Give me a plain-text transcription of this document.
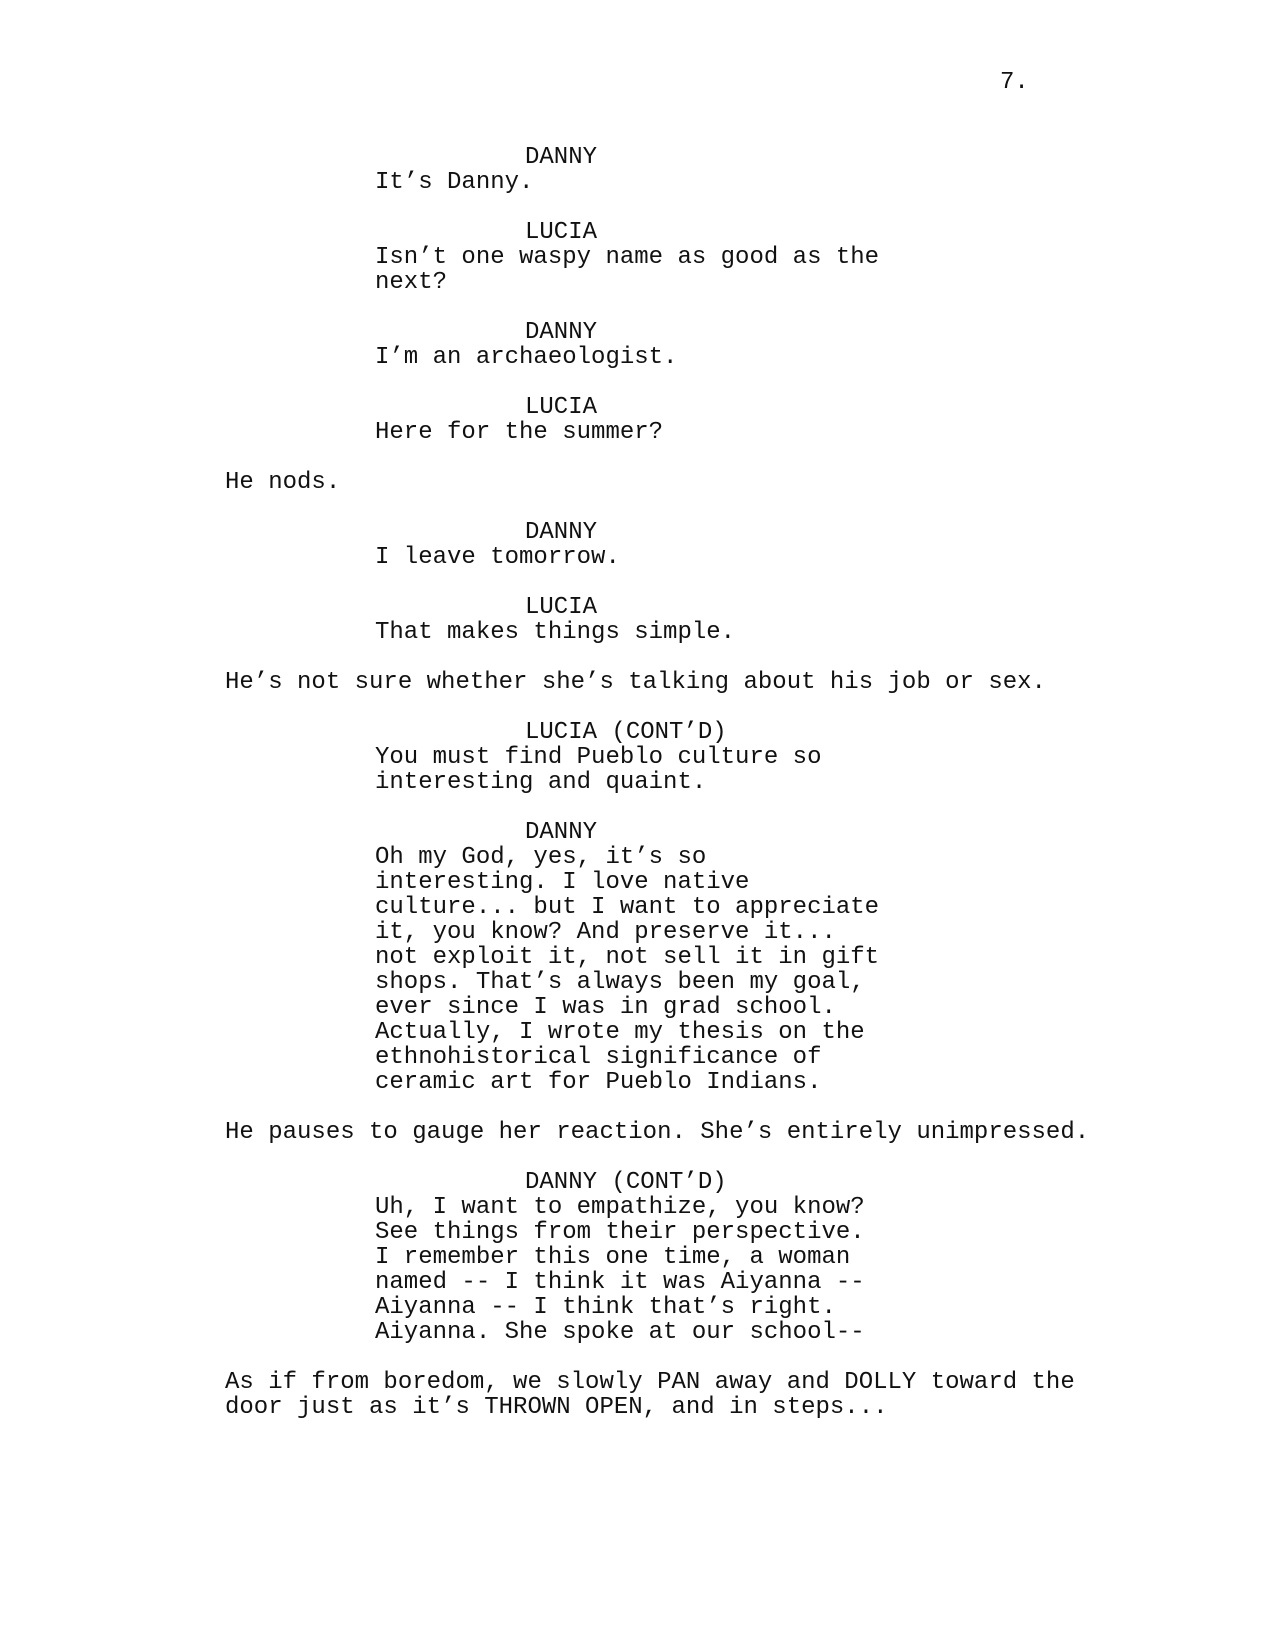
7.
DANNY
It’s Danny.
LUCIA
Isn’t one waspy name as good as the
next?
DANNY
I’m an archaeologist.
LUCIA
Here for the summer?
He nods.
DANNY
I leave tomorrow.
LUCIA
That makes things simple.
He’s not sure whether she’s talking about his job or sex.
LUCIA (CONT’D)
You must find Pueblo culture so
interesting and quaint.
DANNY
Oh my God, yes, it’s so
interesting. I love native
culture... but I want to appreciate
it, you know? And preserve it...
not exploit it, not sell it in gift
shops. That’s always been my goal,
ever since I was in grad school.
Actually, I wrote my thesis on the
ethnohistorical significance of
ceramic art for Pueblo Indians.
He pauses to gauge her reaction. She’s entirely unimpressed.
DANNY (CONT’D)
Uh, I want to empathize, you know?
See things from their perspective.
I remember this one time, a woman
named -- I think it was Aiyanna --
Aiyanna -- I think that’s right.
Aiyanna. She spoke at our school--
As if from boredom, we slowly PAN away and DOLLY toward the
door just as it’s THROWN OPEN, and in steps...
